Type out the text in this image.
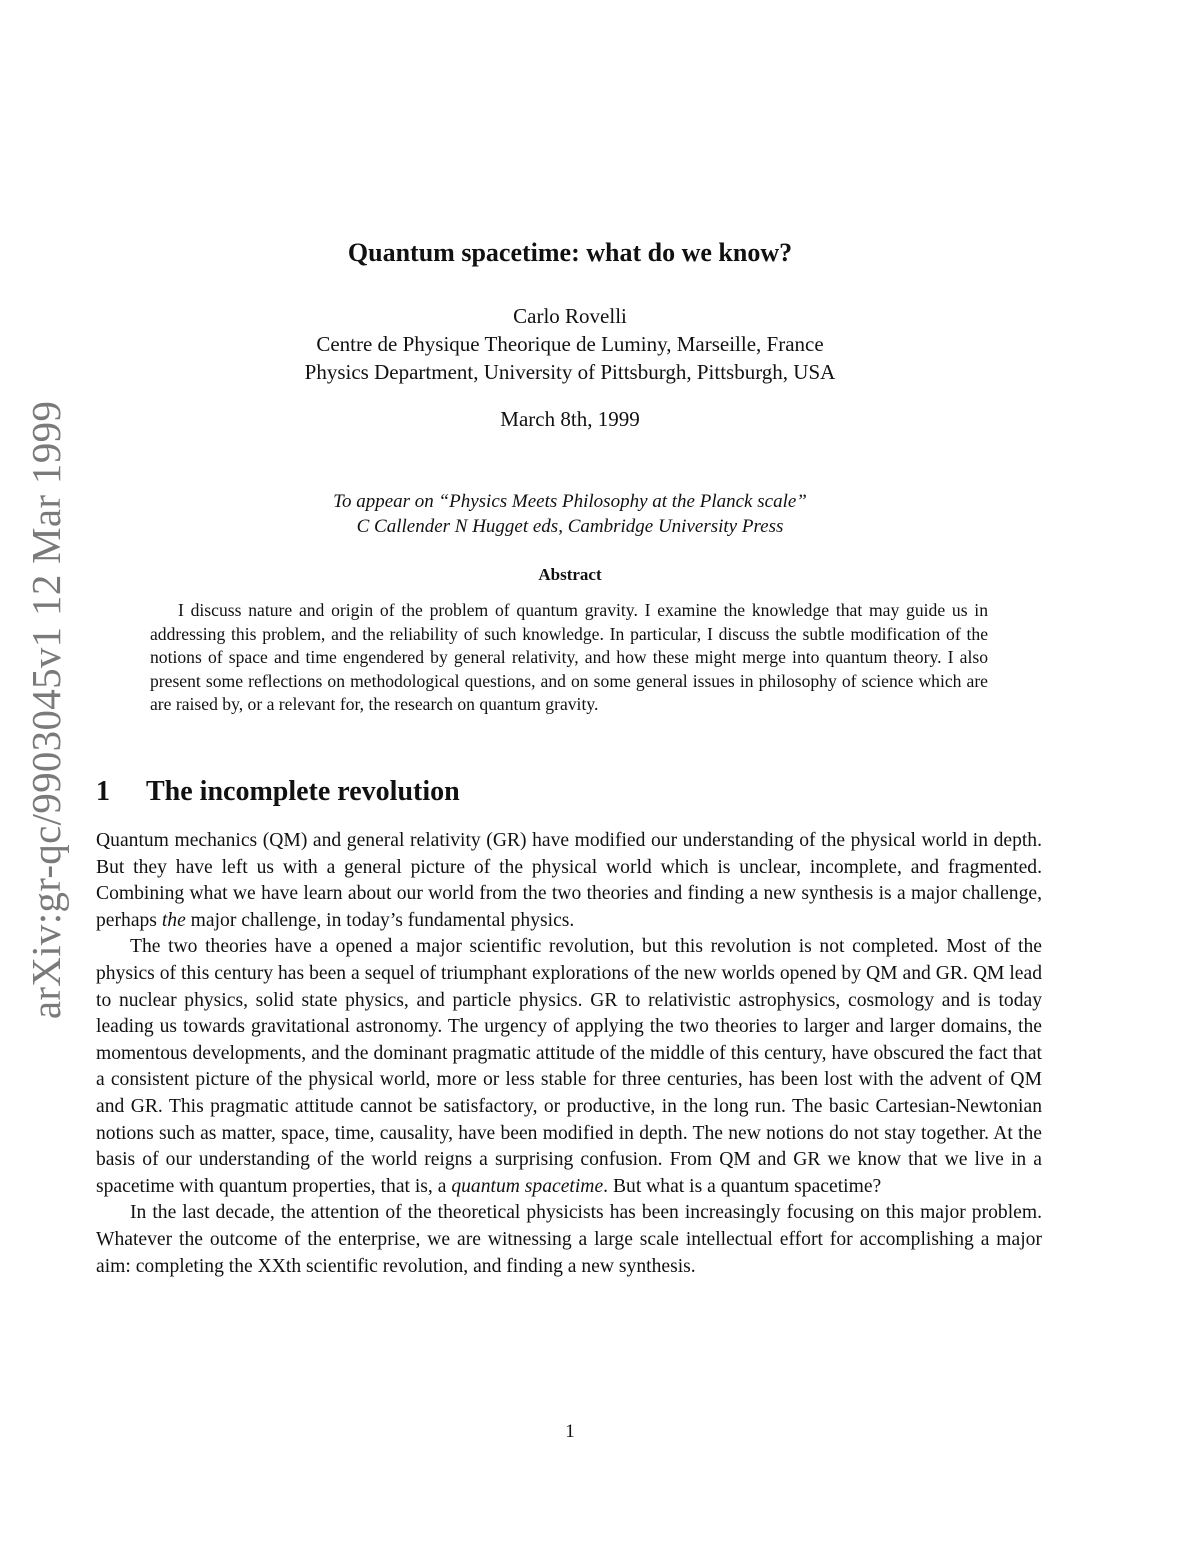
arXiv:gr-qc/9903045v1 12 Mar 1999
Quantum spacetime: what do we know?
Carlo Rovelli
Centre de Physique Theorique de Luminy, Marseille, France
Physics Department, University of Pittsburgh, Pittsburgh, USA
March 8th, 1999
To appear on “Physics Meets Philosophy at the Planck scale”
C Callender N Hugget eds, Cambridge University Press
Abstract

I discuss nature and origin of the problem of quantum gravity. I examine the knowledge that may guide us in addressing this problem, and the reliability of such knowledge. In particular, I discuss the subtle modification of the notions of space and time engendered by general relativity, and how these might merge into quantum theory. I also present some reflections on methodological questions, and on some general issues in philosophy of science which are are raised by, or a relevant for, the research on quantum gravity.

1 The incomplete revolution

Quantum mechanics (QM) and general relativity (GR) have modified our understanding of the physical world in depth. But they have left us with a general picture of the physical world which is unclear, incomplete, and fragmented. Combining what we have learn about our world from the two theories and finding a new synthesis is a major challenge, perhaps the major challenge, in today’s fundamental physics.

The two theories have a opened a major scientific revolution, but this revolution is not completed. Most of the physics of this century has been a sequel of triumphant explorations of the new worlds opened by QM and GR. QM lead to nuclear physics, solid state physics, and particle physics. GR to relativistic astrophysics, cosmology and is today leading us towards gravitational astronomy. The urgency of applying the two theories to larger and larger domains, the momentous developments, and the dominant pragmatic attitude of the middle of this century, have obscured the fact that a consistent picture of the physical world, more or less stable for three centuries, has been lost with the advent of QM and GR. This pragmatic attitude cannot be satisfactory, or productive, in the long run. The basic Cartesian-Newtonian notions such as matter, space, time, causality, have been modified in depth. The new notions do not stay together. At the basis of our understanding of the world reigns a surprising confusion. From QM and GR we know that we live in a spacetime with quantum properties, that is, a quantum spacetime. But what is a quantum spacetime?

In the last decade, the attention of the theoretical physicists has been increasingly focusing on this major problem. Whatever the outcome of the enterprise, we are witnessing a large scale intellectual effort for accomplishing a major aim: completing the XXth scientific revolution, and finding a new synthesis.

1
